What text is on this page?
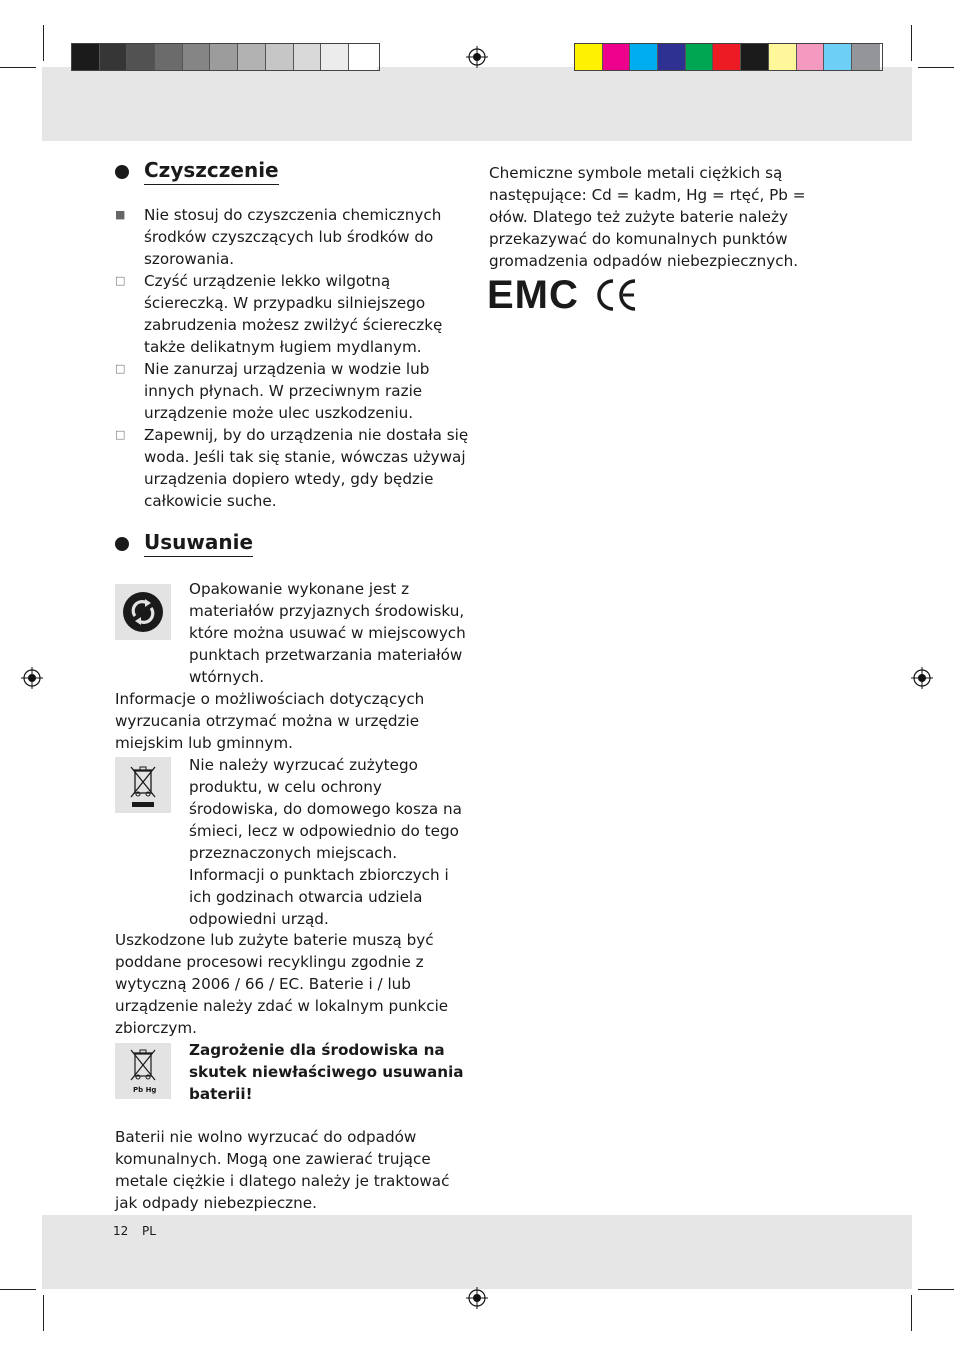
Czyszczenie
■ Nie stosuj do czyszczenia chemicznych środków czyszczących lub środków do szorowania.
□ Czyść urządzenie lekko wilgotną ściereczką. W przypadku silniejszego zabrudzenia możesz zwilżyć ściereczkę także delikatnym ługiem mydlanym.
□ Nie zanurzaj urządzenia w wodzie lub innych płynach. W przeciwnym razie urządzenie może ulec uszkodzeniu.
□ Zapewnij, by do urządzenia nie dostała się woda. Jeśli tak się stanie, wówczas używaj urządzenia dopiero wtedy, gdy będzie całkowicie suche.
Usuwanie
Opakowanie wykonane jest z materiałów przyjaznych środowisku, które można usuwać w miejscowych punktach przetwarzania materiałów wtórnych.
Informacje o możliwościach dotyczących wyrzucania otrzymać można w urzędzie miejskim lub gminnym.
Nie należy wyrzucać zużytego produktu, w celu ochrony środowiska, do domowego kosza na śmieci, lecz w odpowiednio do tego przeznaczonych miejscach. Informacji o punktach zbiorczych i ich godzinach otwarcia udziela odpowiedni urząd.
Uszkodzone lub zużyte baterie muszą być poddane procesowi recyklingu zgodnie z wytyczną 2006 / 66 / EC. Baterie i / lub urządzenie należy zdać w lokalnym punkcie zbiorczym.
Pb Hg
Zagrożenie dla środowiska na skutek niewłaściwego usuwania baterii!
Baterii nie wolno wyrzucać do odpadów komunalnych. Mogą one zawierać trujące metale ciężkie i dlatego należy je traktować jak odpady niebezpieczne.
Chemiczne symbole metali ciężkich są następujące: Cd = kadm, Hg = rtęć, Pb = ołów. Dlatego też zużyte baterie należy przekazywać do komunalnych punktów gromadzenia odpadów niebezpiecznych.
EMC
12 PL
